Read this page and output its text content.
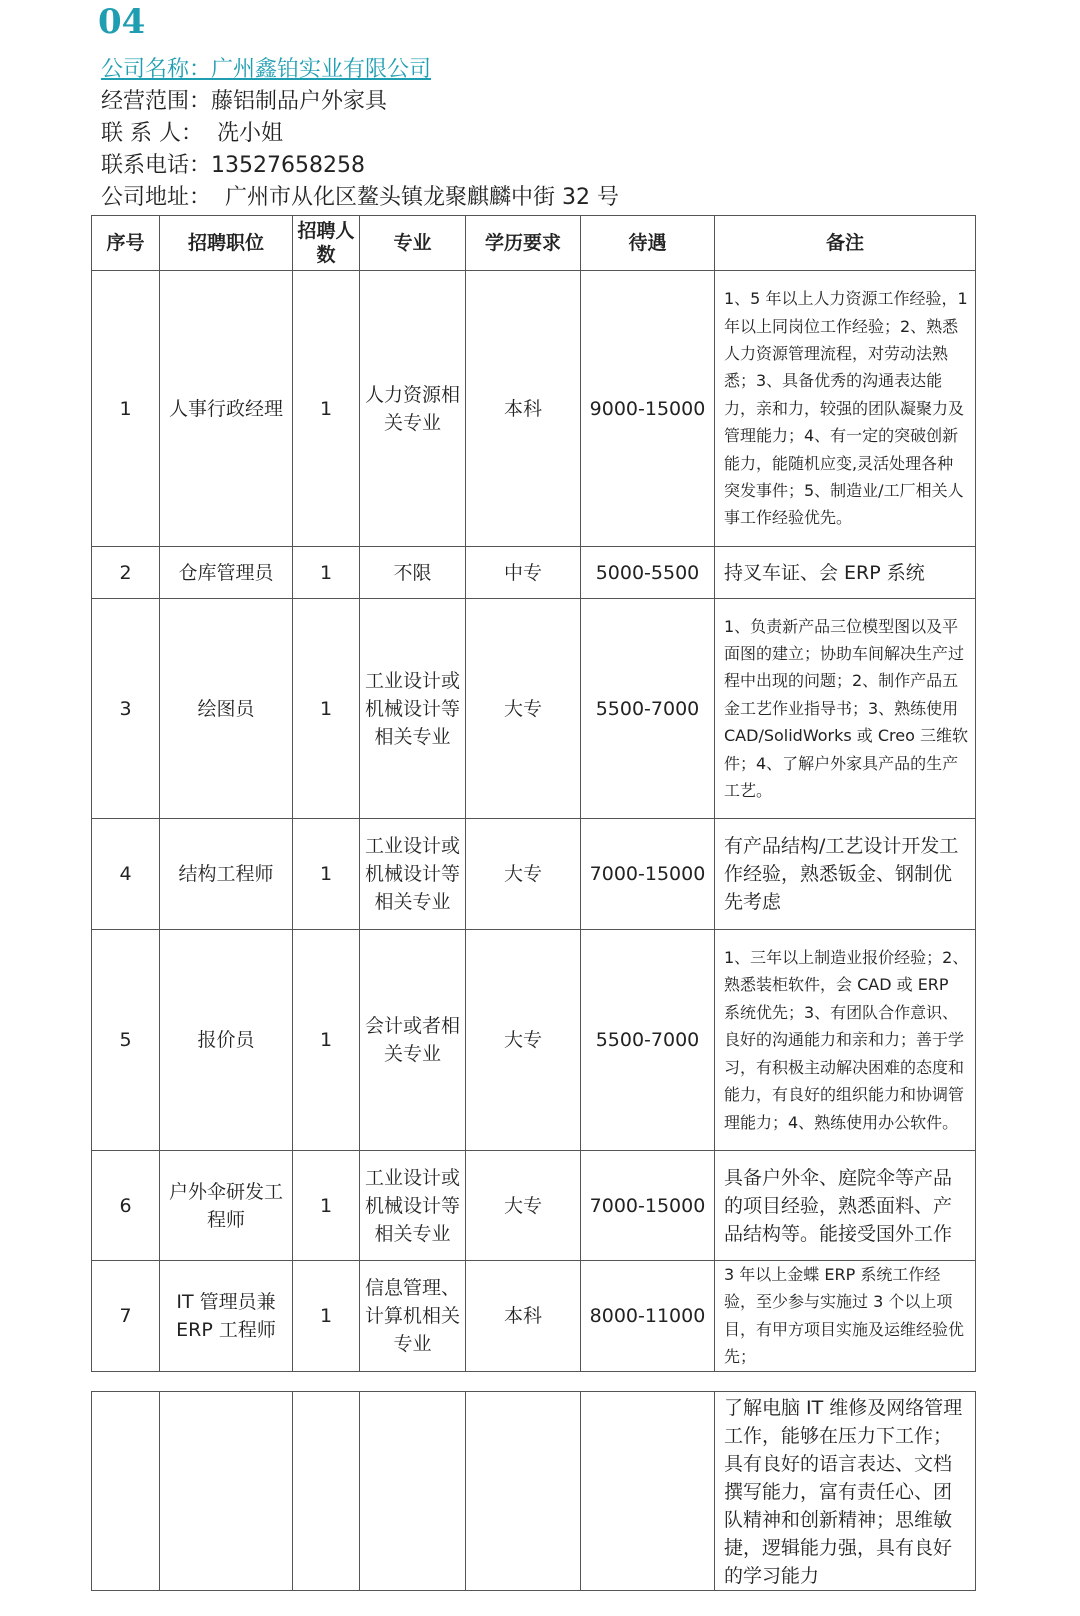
04
公司名称：广州鑫铂实业有限公司
经营范围：藤铝制品户外家具
联 系 人：  冼小姐
联系电话：13527658258
公司地址：  广州市从化区鳌头镇龙聚麒麟中街 32 号
序号	招聘职位	招聘人数	专业	学历要求	待遇	备注
1	人事行政经理	1	人力资源相关专业	本科	9000-15000	1、5 年以上人力资源工作经验，1 年以上同岗位工作经验；2、熟悉人力资源管理流程，对劳动法熟悉；3、具备优秀的沟通表达能力，亲和力，较强的团队凝聚力及管理能力；4、有一定的突破创新能力，能随机应变,灵活处理各种突发事件；5、制造业/工厂相关人事工作经验优先。
2	仓库管理员	1	不限	中专	5000-5500	持叉车证、会 ERP 系统
3	绘图员	1	工业设计或机械设计等相关专业	大专	5500-7000	1、负责新产品三位模型图以及平面图的建立；协助车间解决生产过程中出现的问题；2、制作产品五金工艺作业指导书；3、熟练使用CAD/SolidWorks 或 Creo 三维软件；4、了解户外家具产品的生产工艺。
4	结构工程师	1	工业设计或机械设计等相关专业	大专	7000-15000	有产品结构/工艺设计开发工作经验，熟悉钣金、钢制优先考虑
5	报价员	1	会计或者相关专业	大专	5500-7000	1、三年以上制造业报价经验；2、熟悉装柜软件，会 CAD 或 ERP 系统优先；3、有团队合作意识、良好的沟通能力和亲和力；善于学习，有积极主动解决困难的态度和能力，有良好的组织能力和协调管理能力；4、熟练使用办公软件。
6	户外伞研发工程师	1	工业设计或机械设计等相关专业	大专	7000-15000	具备户外伞、庭院伞等产品的项目经验，熟悉面料、产品结构等。能接受国外工作
7	IT 管理员兼 ERP 工程师	1	信息管理、计算机相关专业	本科	8000-11000	3 年以上金蝶 ERP 系统工作经验，至少参与实施过 3 个以上项目，有甲方项目实施及运维经验优先；
						了解电脑 IT 维修及网络管理工作，能够在压力下工作；具有良好的语言表达、文档撰写能力，富有责任心、团队精神和创新精神；思维敏捷，逻辑能力强，具有良好的学习能力
